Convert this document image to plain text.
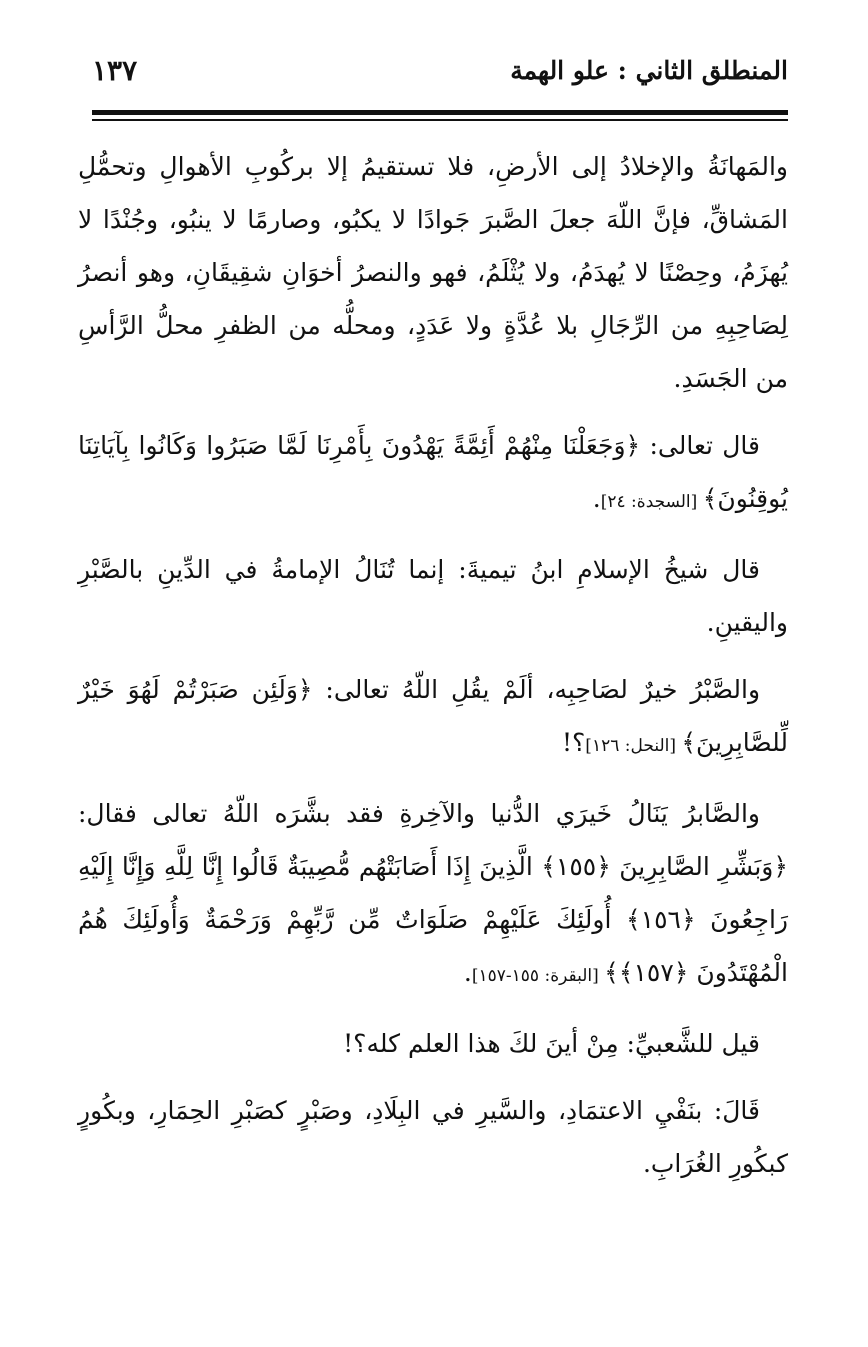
المنطلق الثاني : علو الهمة
١٣٧

والمَهانَةُ والإخلادُ إلى الأرضِ، فلا تستقيمُ إلا بركُوبِ الأهوالِ وتحمُّلِ المَشاقِّ، فإنَّ اللّهَ جعلَ الصَّبرَ جَوادًا لا يكبُو، وصارمًا لا ينبُو، وجُنْدًا لا يُهزَمُ، وحِصْنًا لا يُهدَمُ، ولا يُثْلَمُ، فهو والنصرُ أخوَانِ شقِيقَانِ، وهو أنصرُ لِصَاحِبِهِ من الرِّجَالِ بلا عُدَّةٍ ولا عَدَدٍ، ومحلُّه من الظفرِ محلُّ الرَّأسِ من الجَسَدِ.

قال تعالى: ﴿وَجَعَلْنَا مِنْهُمْ أَئِمَّةً يَهْدُونَ بِأَمْرِنَا لَمَّا صَبَرُوا وَكَانُوا بِآيَاتِنَا يُوقِنُونَ﴾ [السجدة: ٢٤].

قال شيخُ الإسلامِ ابنُ تيميةَ: إنما تُنَالُ الإمامةُ في الدِّينِ بالصَّبْرِ واليقينِ.

والصَّبْرُ خيرٌ لصَاحِبِه، ألَمْ يقُلِ اللّهُ تعالى: ﴿وَلَئِن صَبَرْتُمْ لَهُوَ خَيْرٌ لِّلصَّابِرِينَ﴾ [النحل: ١٢٦]؟!

والصَّابرُ يَنَالُ خَيرَي الدُّنيا والآخِرةِ فقد بشَّرَه اللّهُ تعالى فقال: ﴿وَبَشِّرِ الصَّابِرِينَ ﴿١٥٥﴾ الَّذِينَ إِذَا أَصَابَتْهُم مُّصِيبَةٌ قَالُوا إِنَّا لِلَّهِ وَإِنَّا إِلَيْهِ رَاجِعُونَ ﴿١٥٦﴾ أُولَئِكَ عَلَيْهِمْ صَلَوَاتٌ مِّن رَّبِّهِمْ وَرَحْمَةٌ وَأُولَئِكَ هُمُ الْمُهْتَدُونَ ﴿١٥٧﴾﴾ [البقرة: ١٥٥-١٥٧].

قيل للشَّعبيِّ: مِنْ أينَ لكَ هذا العلم كله؟!

قَالَ: بنَفْيِ الاعتمَادِ، والسَّيرِ في البِلَادِ، وصَبْرٍ كصَبْرِ الحِمَارِ، وبكُورٍ كبكُورِ الغُرَابِ.
